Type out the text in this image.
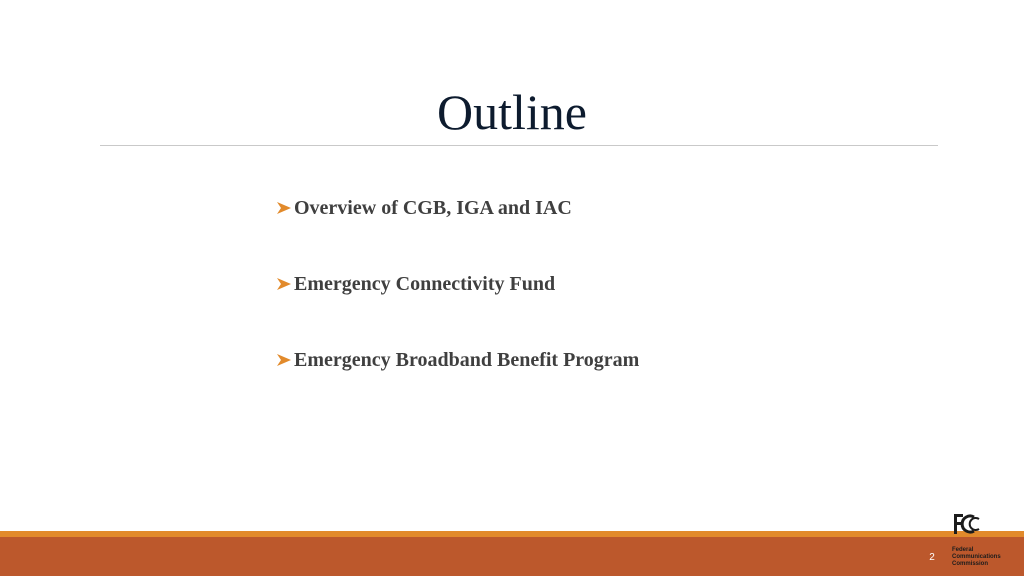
Outline
Overview of CGB, IGA and IAC
Emergency Connectivity Fund
Emergency Broadband Benefit Program
2
Federal
Communications
Commission
